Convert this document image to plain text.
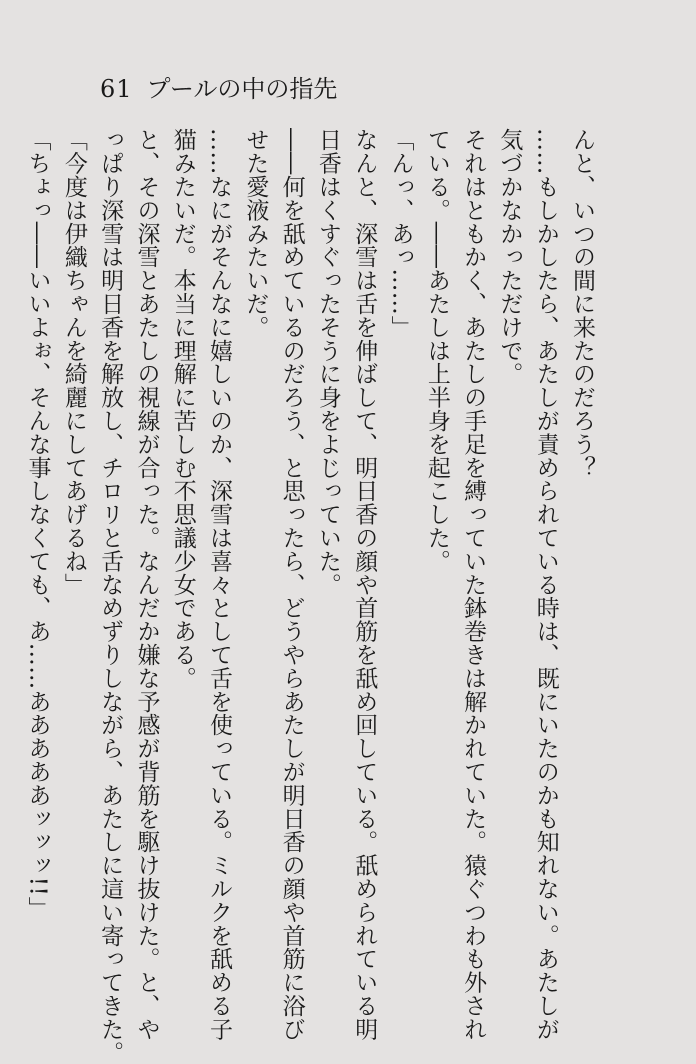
61 プールの中の指先
んと、いつの間に来たのだろう？
……もしかしたら、あたしが責められている時は、既にいたのかも知れない。あたしが
気づかなかっただけで。
それはともかく、あたしの手足を縛っていた鉢巻きは解かれていた。猿ぐつわも外され
ている。――あたしは上半身を起こした。
「んっ、あっ……」
なんと、深雪は舌を伸ばして、明日香の顔や首筋を舐め回している。舐められている明
日香はくすぐったそうに身をよじっていた。
――何を舐めているのだろう、と思ったら、どうやらあたしが明日香の顔や首筋に浴び
せた愛液みたいだ。
……なにがそんなに嬉しいのか、深雪は喜々として舌を使っている。ミルクを舐める子
猫みたいだ。本当に理解に苦しむ不思議少女である。
と、その深雪とあたしの視線が合った。なんだか嫌な予感が背筋を駆け抜けた。と、や
っぱり深雪は明日香を解放し、チロリと舌なめずりしながら、あたしに這い寄ってきた。
「今度は伊織ちゃんを綺麗にしてあげるね」
「ちょっ――いいよぉ、そんな事しなくても、あ……あああああッッッ!!」
